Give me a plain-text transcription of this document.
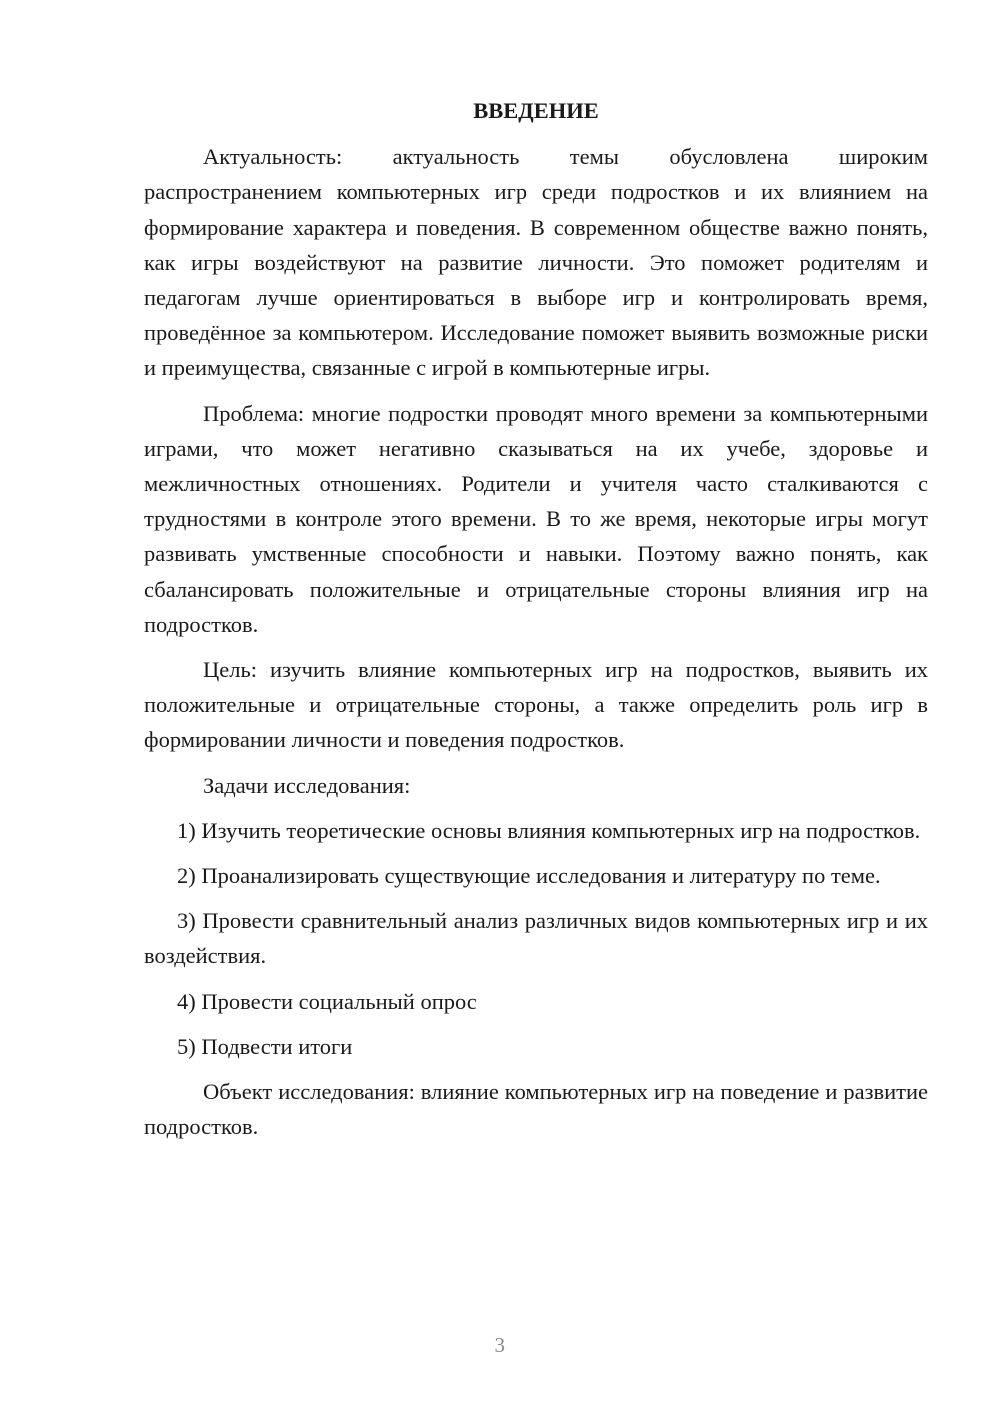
ВВЕДЕНИЕ

Актуальность: актуальность темы обусловлена широким распространением компьютерных игр среди подростков и их влиянием на формирование характера и поведения. В современном обществе важно понять, как игры воздействуют на развитие личности. Это поможет родителям и педагогам лучше ориентироваться в выборе игр и контролировать время, проведённое за компьютером. Исследование поможет выявить возможные риски и преимущества, связанные с игрой в компьютерные игры.

Проблема: многие подростки проводят много времени за компьютерными играми, что может негативно сказываться на их учебе, здоровье и межличностных отношениях. Родители и учителя часто сталкиваются с трудностями в контроле этого времени. В то же время, некоторые игры могут развивать умственные способности и навыки. Поэтому важно понять, как сбалансировать положительные и отрицательные стороны влияния игр на подростков.

Цель: изучить влияние компьютерных игр на подростков, выявить их положительные и отрицательные стороны, а также определить роль игр в формировании личности и поведения подростков.

Задачи исследования:

1) Изучить теоретические основы влияния компьютерных игр на подростков.

2) Проанализировать существующие исследования и литературу по теме.

3) Провести сравнительный анализ различных видов компьютерных игр и их воздействия.

4) Провести социальный опрос

5) Подвести итоги

Объект исследования: влияние компьютерных игр на поведение и развитие подростков.

3
